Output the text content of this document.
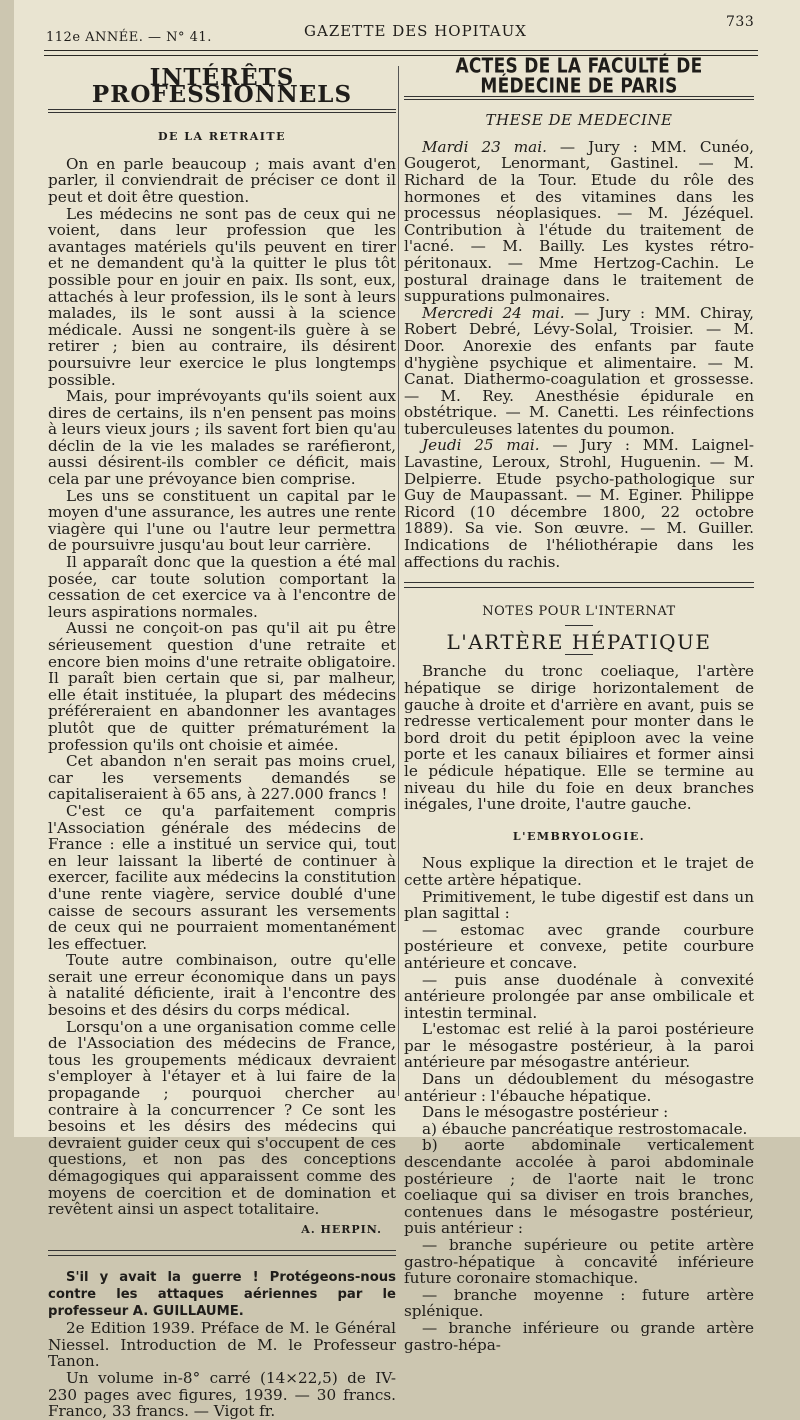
112e ANNÉE. — N° 41.	GAZETTE DES HOPITAUX	733
INTÉRÊTS PROFESSIONNELS
DE LA RETRAITE

On en parle beaucoup ; mais avant d'en parler, il conviendrait de préciser ce dont il peut et doit être question.

Les médecins ne sont pas de ceux qui ne voient, dans leur profession que les avantages matériels qu'ils peuvent en tirer et ne demandent qu'à la quitter le plus tôt possible pour en jouir en paix. Ils sont, eux, attachés à leur profession, ils le sont à leurs malades, ils le sont aussi à la science médicale. Aussi ne songent-ils guère à se retirer ; bien au contraire, ils désirent poursuivre leur exercice le plus longtemps possible.

Mais, pour imprévoyants qu'ils soient aux dires de certains, ils n'en pensent pas moins à leurs vieux jours ; ils savent fort bien qu'au déclin de la vie les malades se raréfieront, aussi désirent-ils combler ce déficit, mais cela par une prévoyance bien comprise.

Les uns se constituent un capital par le moyen d'une assurance, les autres une rente viagère qui l'une ou l'autre leur permettra de poursuivre jusqu'au bout leur carrière.

Il apparaît donc que la question a été mal posée, car toute solution comportant la cessation de cet exercice va à l'encontre de leurs aspirations normales.

Aussi ne conçoit-on pas qu'il ait pu être sérieusement question d'une retraite et encore bien moins d'une retraite obligatoire. Il paraît bien certain que si, par malheur, elle était instituée, la plupart des médecins préféreraient en abandonner les avantages plutôt que de quitter prématurément la profession qu'ils ont choisie et aimée.

Cet abandon n'en serait pas moins cruel, car les versements demandés se capitaliseraient à 65 ans, à 227.000 francs !

C'est ce qu'a parfaitement compris l'Association générale des médecins de France : elle a institué un service qui, tout en leur laissant la liberté de continuer à exercer, facilite aux médecins la constitution d'une rente viagère, service doublé d'une caisse de secours assurant les versements de ceux qui ne pourraient momentanément les effectuer.

Toute autre combinaison, outre qu'elle serait une erreur économique dans un pays à natalité déficiente, irait à l'encontre des besoins et des désirs du corps médical.

Lorsqu'on a une organisation comme celle de l'Association des médecins de France, tous les groupements médicaux devraient s'employer à l'étayer et à lui faire de la propagande ; pourquoi chercher au contraire à la concurrencer ? Ce sont les besoins et les désirs des médecins qui devraient guider ceux qui s'occupent de ces questions, et non pas des conceptions démagogiques qui apparaissent comme des moyens de coercition et de domination et revêtent ainsi un aspect totalitaire.

A. HERPIN.

S'il y avait la guerre ! Protégeons-nous contre les attaques aériennes par le professeur A. GUILLAUME.

2e Edition 1939. Préface de M. le Général Niessel. Introduction de M. le Professeur Tanon.

Un volume in-8° carré (14×22,5) de IV-230 pages avec figures, 1939. — 30 francs. Franco, 33 francs. — Vigot fr.

ACTES DE LA FACULTÉ DE MÉDECINE DE PARIS
THESE DE MEDECINE

Mardi 23 mai. — Jury : MM. Cunéo, Gougerot, Lenormant, Gastinel. — M. Richard de la Tour. Etude du rôle des hormones et des vitamines dans les processus néoplasiques. — M. Jézéquel. Contribution à l'étude du traitement de l'acné. — M. Bailly. Les kystes rétro-péritonaux. — Mme Hertzog-Cachin. Le postural drainage dans le traitement de suppurations pulmonaires.

Mercredi 24 mai. — Jury : MM. Chiray, Robert Debré, Lévy-Solal, Troisier. — M. Door. Anorexie des enfants par faute d'hygiène psychique et alimentaire. — M. Canat. Diathermo-coagulation et grossesse. — M. Rey. Anesthésie épidurale en obstétrique. — M. Canetti. Les réinfections tuberculeuses latentes du poumon.

Jeudi 25 mai. — Jury : MM. Laignel-Lavastine, Leroux, Strohl, Huguenin. — M. Delpierre. Etude psycho-pathologique sur Guy de Maupassant. — M. Eginer. Philippe Ricord (10 décembre 1800, 22 octobre 1889). Sa vie. Son œuvre. — M. Guiller. Indications de l'héliothérapie dans les affections du rachis.

NOTES POUR L'INTERNAT
L'ARTÈRE HÉPATIQUE

Branche du tronc coeliaque, l'artère hépatique se dirige horizontalement de gauche à droite et d'arrière en avant, puis se redresse verticalement pour monter dans le bord droit du petit épiploon avec la veine porte et les canaux biliaires et former ainsi le pédicule hépatique. Elle se termine au niveau du hile du foie en deux branches inégales, l'une droite, l'autre gauche.

L'EMBRYOLOGIE.

Nous explique la direction et le trajet de cette artère hépatique.

Primitivement, le tube digestif est dans un plan sagittal :

— estomac avec grande courbure postérieure et convexe, petite courbure antérieure et concave.

— puis anse duodénale à convexité antérieure prolongée par anse ombilicale et intestin terminal.

L'estomac est relié à la paroi postérieure par le mésogastre postérieur, à la paroi antérieure par mésogastre antérieur.

Dans un dédoublement du mésogastre antérieur : l'ébauche hépatique.

Dans le mésogastre postérieur :

a) ébauche pancréatique restrostomacale.

b) aorte abdominale verticalement descendante accolée à paroi abdominale postérieure ; de l'aorte nait le tronc coeliaque qui sa diviser en trois branches, contenues dans le mésogastre postérieur, puis antérieur :

— branche supérieure ou petite artère gastro-hépatique à concavité inférieure future coronaire stomachique.

— branche moyenne : future artère splénique.

— branche inférieure ou grande artère gastro-hépa-
